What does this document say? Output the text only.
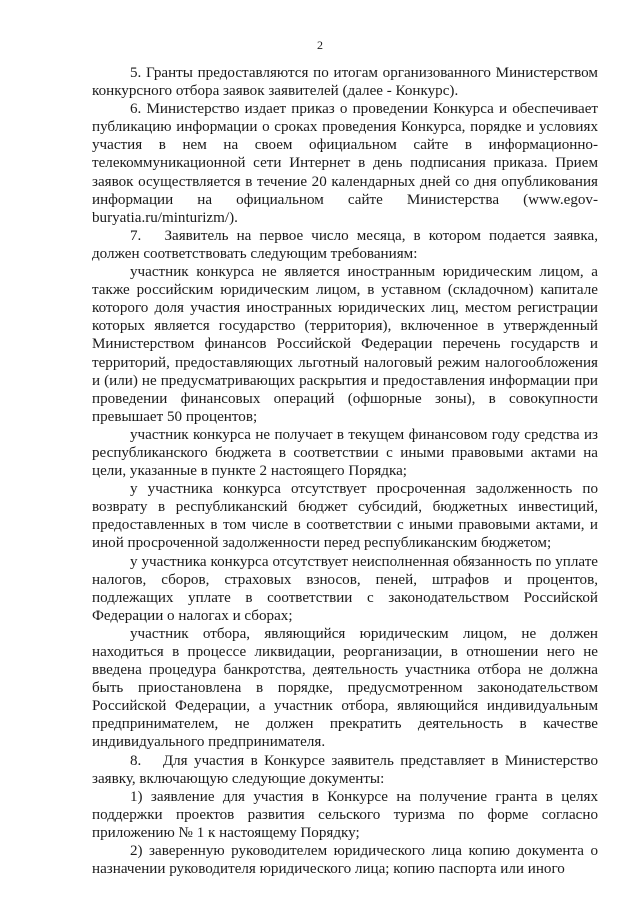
2

5. Гранты предоставляются по итогам организованного Министерством конкурсного отбора заявок заявителей (далее - Конкурс).

6. Министерство издает приказ о проведении Конкурса и обеспечивает публикацию информации о сроках проведения Конкурса, порядке и условиях участия в нем на своем официальном сайте в информационно-телекоммуникационной сети Интернет в день подписания приказа. Прием заявок осуществляется в течение 20 календарных дней со дня опубликования информации на официальном сайте Министерства (www.egov-buryatia.ru/minturizm/).

7.  Заявитель на первое число месяца, в котором подается заявка, должен соответствовать следующим требованиям:

участник конкурса не является иностранным юридическим лицом, а также российским юридическим лицом, в уставном (складочном) капитале которого доля участия иностранных юридических лиц, местом регистрации которых является государство (территория), включенное в утвержденный Министерством финансов Российской Федерации перечень государств и территорий, предоставляющих льготный налоговый режим налогообложения и (или) не предусматривающих раскрытия и предоставления информации при проведении финансовых операций (офшорные зоны), в совокупности превышает 50 процентов;

участник конкурса не получает в текущем финансовом году средства из республиканского бюджета в соответствии с иными правовыми актами на цели, указанные в пункте 2 настоящего Порядка;

у участника конкурса отсутствует просроченная задолженность по возврату в республиканский бюджет субсидий, бюджетных инвестиций, предоставленных в том числе в соответствии с иными правовыми актами, и иной просроченной задолженности перед республиканским бюджетом;

у участника конкурса отсутствует неисполненная обязанность по уплате налогов, сборов, страховых взносов, пеней, штрафов и процентов, подлежащих уплате в соответствии с законодательством Российской Федерации о налогах и сборах;

участник отбора, являющийся юридическим лицом, не должен находиться в процессе ликвидации, реорганизации, в отношении него не введена процедура банкротства, деятельность участника отбора не должна быть приостановлена в порядке, предусмотренном законодательством Российской Федерации, а участник отбора, являющийся индивидуальным предпринимателем, не должен прекратить деятельность в качестве индивидуального предпринимателя.

8.  Для участия в Конкурсе заявитель представляет в Министерство заявку, включающую следующие документы:

1) заявление для участия в Конкурсе на получение гранта в целях поддержки проектов развития сельского туризма по форме согласно приложению № 1 к настоящему Порядку;

2) заверенную руководителем юридического лица копию документа о назначении руководителя юридического лица; копию паспорта или иного
